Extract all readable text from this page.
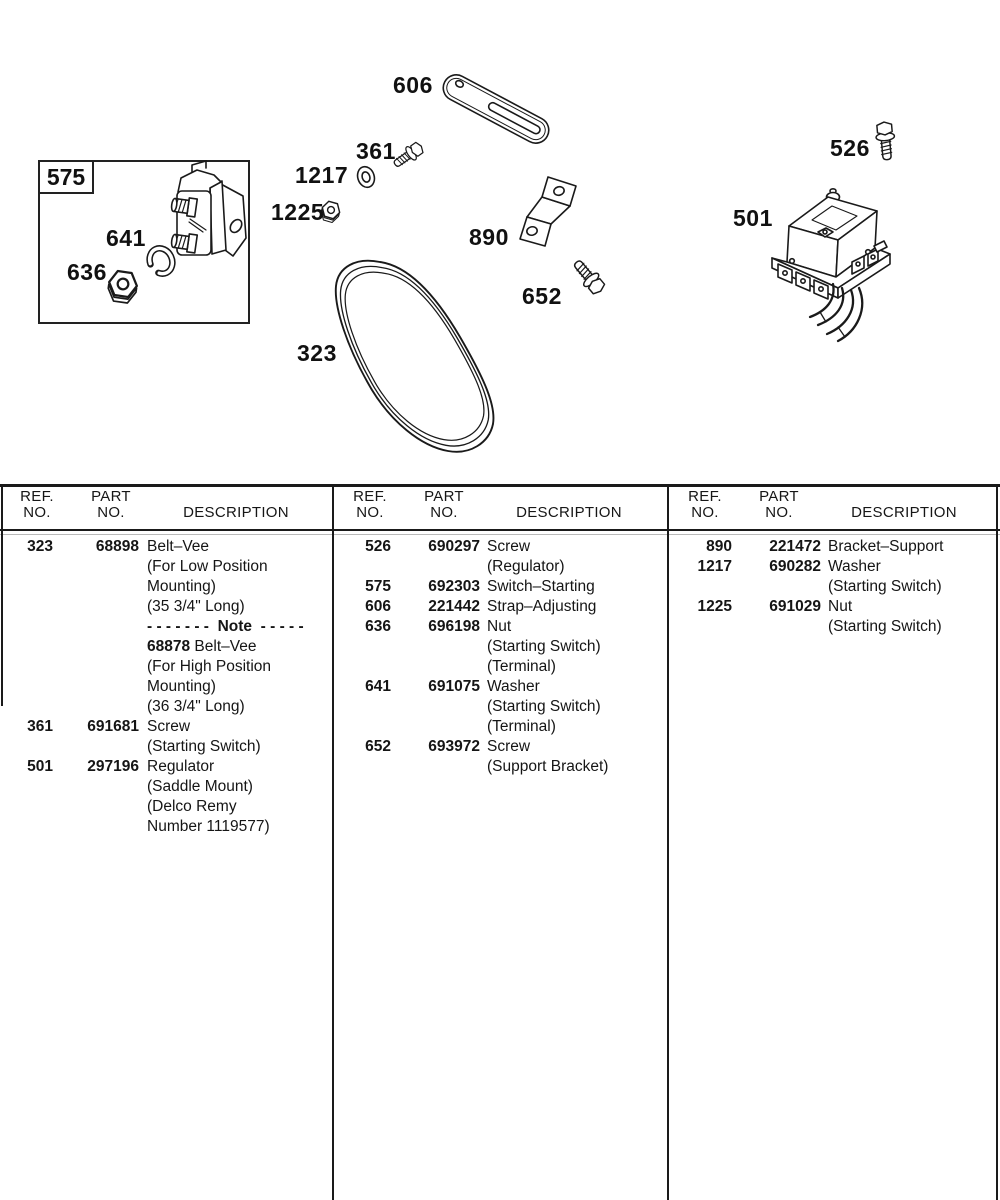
575
606
361
1217
1225
641
636
890
652
323
526
501
REF.
NO.
PART
NO.	DESCRIPTION
REF.
NO.
PART
NO.	DESCRIPTION
REF.
NO.
PART
NO.	DESCRIPTION
323	68898 Belt–Vee
(For Low Position
Mounting)
(35 3/4" Long)
- - - - - - -  Note  - - - - -
68878 Belt–Vee
(For High Position
Mounting)
(36 3/4" Long)
361	691681 Screw
(Starting Switch)
501	297196 Regulator
(Saddle Mount)
(Delco Remy
Number 1119577)
526	690297 Screw
(Regulator)
575	692303 Switch–Starting
606	221442 Strap–Adjusting
636	696198 Nut
(Starting Switch)
(Terminal)
641	691075 Washer
(Starting Switch)
(Terminal)
652	693972 Screw
(Support Bracket)
890	221472 Bracket–Support
1217	690282 Washer
(Starting Switch)
1225	691029 Nut
(Starting Switch)
